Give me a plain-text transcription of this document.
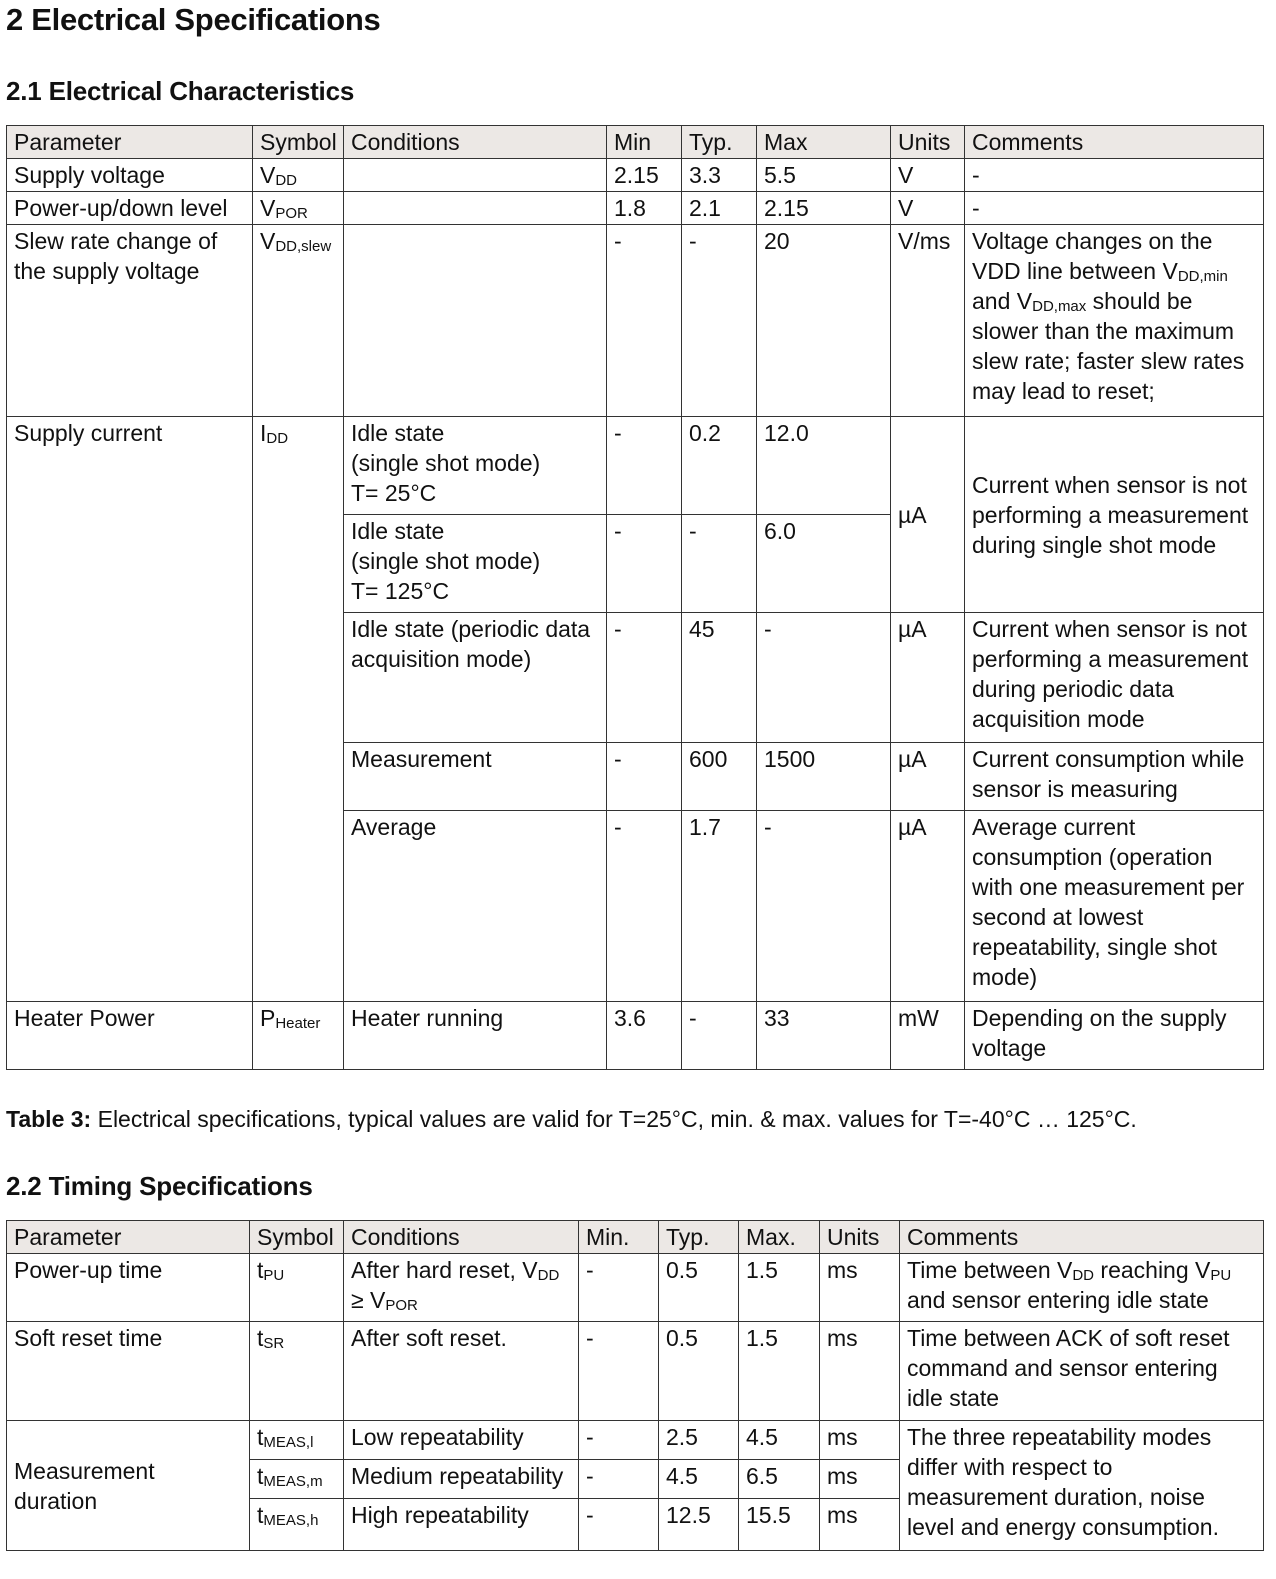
2 Electrical Specifications
2.1 Electrical Characteristics
Parameter	Symbol	Conditions	Min	Typ.	Max	Units	Comments
Supply voltage	$V_{DD}$		2.15	3.3	5.5	V	-
Power-up/down level	$V_{POR}$		1.8	2.1	2.15	V	-
Slew rate change of the supply voltage	$V_{DD,slew}$		-	-	20	V/ms	Voltage changes on the VDD line between $V_{DD,min}$ and $V_{DD,max}$ should be slower than the maximum slew rate; faster slew rates may lead to reset;
Supply current	$I_{DD}$	Idle state
(single shot mode)
T= 25°C	-	0.2	12.0	µA	Current when sensor is not performing a measurement during single shot mode
		Idle state
(single shot mode)
T= 125°C	-	-	6.0		
		Idle state (periodic data acquisition mode)	-	45	-	µA	Current when sensor is not performing a measurement during periodic data acquisition mode
		Measurement	-	600	1500	µA	Current consumption while sensor is measuring
		Average	-	1.7	-	µA	Average current consumption (operation with one measurement per second at lowest repeatability, single shot mode)
Heater Power	$P_{Heater}$	Heater running	3.6	-	33	mW	Depending on the supply voltage
Table 3: Electrical specifications, typical values are valid for T=25°C, min. & max. values for T=-40°C … 125°C.
2.2 Timing Specifications
Parameter	Symbol	Conditions	Min.	Typ.	Max.	Units	Comments
Power-up time	$t_{PU}$	After hard reset, $V_{DD} \ge V_{POR}$	-	0.5	1.5	ms	Time between $V_{DD}$ reaching $V_{PU}$ and sensor entering idle state
Soft reset time	$t_{SR}$	After soft reset.	-	0.5	1.5	ms	Time between ACK of soft reset command and sensor entering idle state
Measurement duration	$t_{MEAS,l}$	Low repeatability	-	2.5	4.5	ms	The three repeatability modes differ with respect to measurement duration, noise level and energy consumption.
	$t_{MEAS,m}$	Medium repeatability	-	4.5	6.5	ms	
	$t_{MEAS,h}$	High repeatability	-	12.5	15.5	ms	
